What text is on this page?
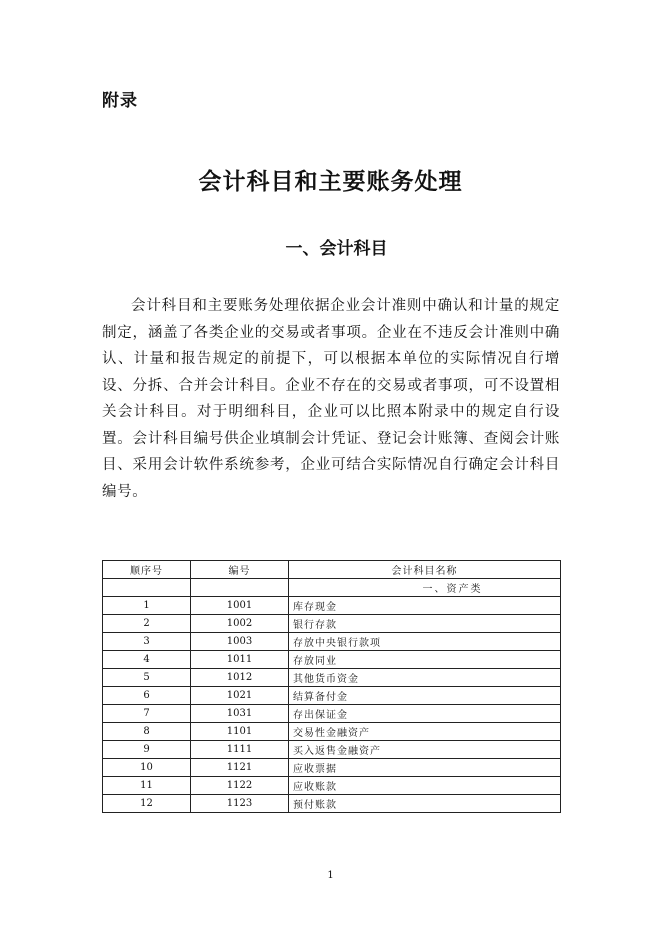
附录
会计科目和主要账务处理
一、会计科目

会计科目和主要账务处理依据企业会计准则中确认和计量的规定制定，涵盖了各类企业的交易或者事项。企业在不违反会计准则中确认、计量和报告规定的前提下，可以根据本单位的实际情况自行增设、分拆、合并会计科目。企业不存在的交易或者事项，可不设置相关会计科目。对于明细科目，企业可以比照本附录中的规定自行设置。会计科目编号供企业填制会计凭证、登记会计账簿、查阅会计账目、采用会计软件系统参考，企业可结合实际情况自行确定会计科目编号。

顺序号	编号	会计科目名称
		一、资产类
1	1001	库存现金
2	1002	银行存款
3	1003	存放中央银行款项
4	1011	存放同业
5	1012	其他货币资金
6	1021	结算备付金
7	1031	存出保证金
8	1101	交易性金融资产
9	1111	买入返售金融资产
10	1121	应收票据
11	1122	应收账款
12	1123	预付账款
1
